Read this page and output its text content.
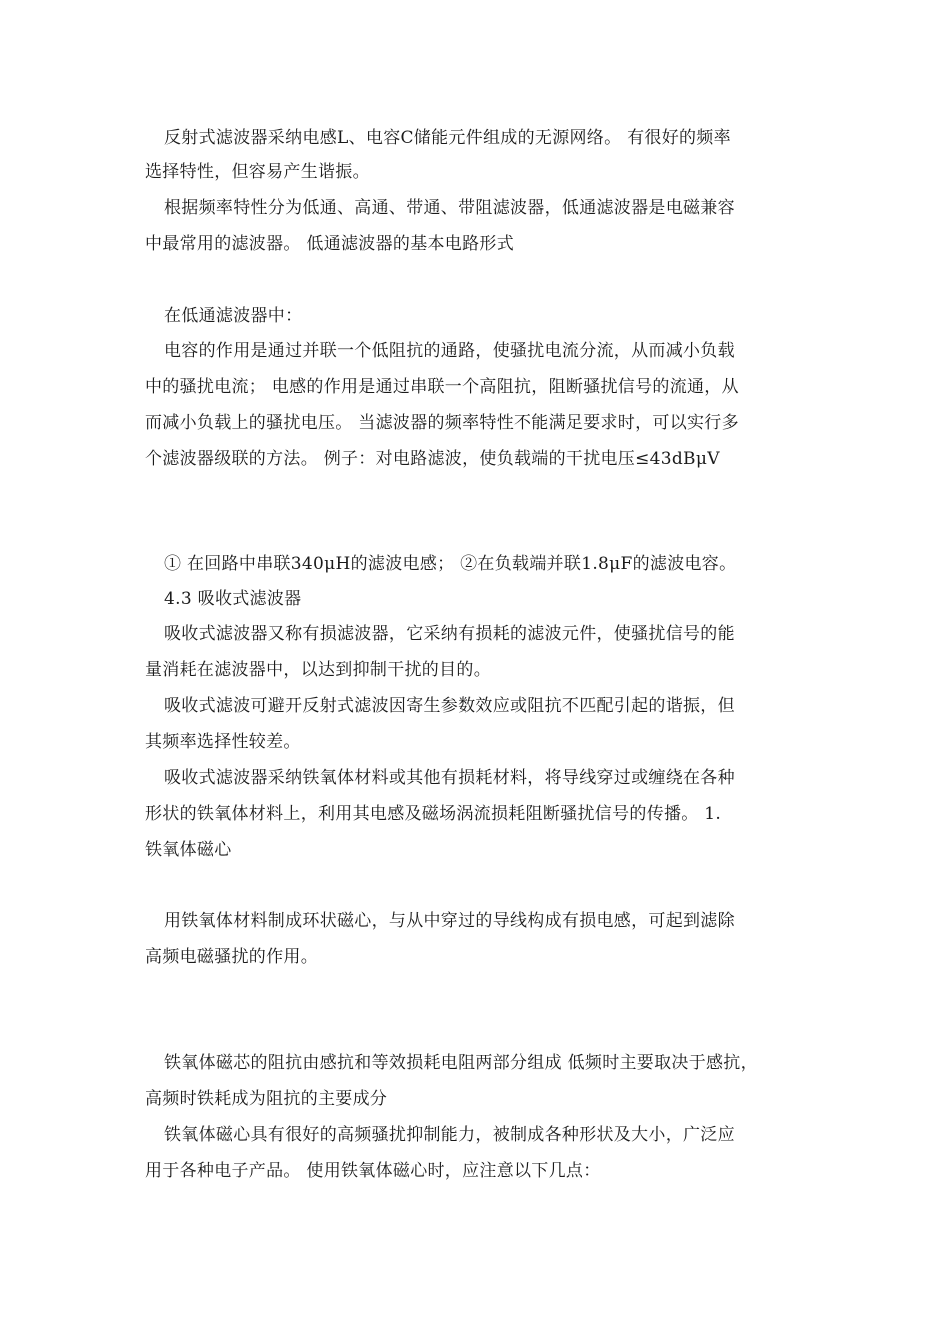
反射式滤波器采纳电感L、电容C储能元件组成的无源网络。 有很好的频率
选择特性，但容易产生谐振。
根据频率特性分为低通、高通、带通、带阻滤波器，低通滤波器是电磁兼容
中最常用的滤波器。 低通滤波器的基本电路形式
在低通滤波器中：
电容的作用是通过并联一个低阻抗的通路，使骚扰电流分流，从而减小负载
中的骚扰电流； 电感的作用是通过串联一个高阻抗，阻断骚扰信号的流通，从
而减小负载上的骚扰电压。 当滤波器的频率特性不能满足要求时，可以实行多
个滤波器级联的方法。 例子：对电路滤波，使负载端的干扰电压≤43dBμV
① 在回路中串联340μH的滤波电感； ②在负载端并联1.8μF的滤波电容。
4.3 吸收式滤波器
吸收式滤波器又称有损滤波器，它采纳有损耗的滤波元件，使骚扰信号的能
量消耗在滤波器中，以达到抑制干扰的目的。
吸收式滤波可避开反射式滤波因寄生参数效应或阻抗不匹配引起的谐振，但
其频率选择性较差。
吸收式滤波器采纳铁氧体材料或其他有损耗材料，将导线穿过或缠绕在各种
形状的铁氧体材料上，利用其电感及磁场涡流损耗阻断骚扰信号的传播。 1.
铁氧体磁心
用铁氧体材料制成环状磁心，与从中穿过的导线构成有损电感，可起到滤除
高频电磁骚扰的作用。
铁氧体磁芯的阻抗由感抗和等效损耗电阻两部分组成 低频时主要取决于感抗，
高频时铁耗成为阻抗的主要成分
铁氧体磁心具有很好的高频骚扰抑制能力，被制成各种形状及大小，广泛应
用于各种电子产品。 使用铁氧体磁心时，应注意以下几点：
